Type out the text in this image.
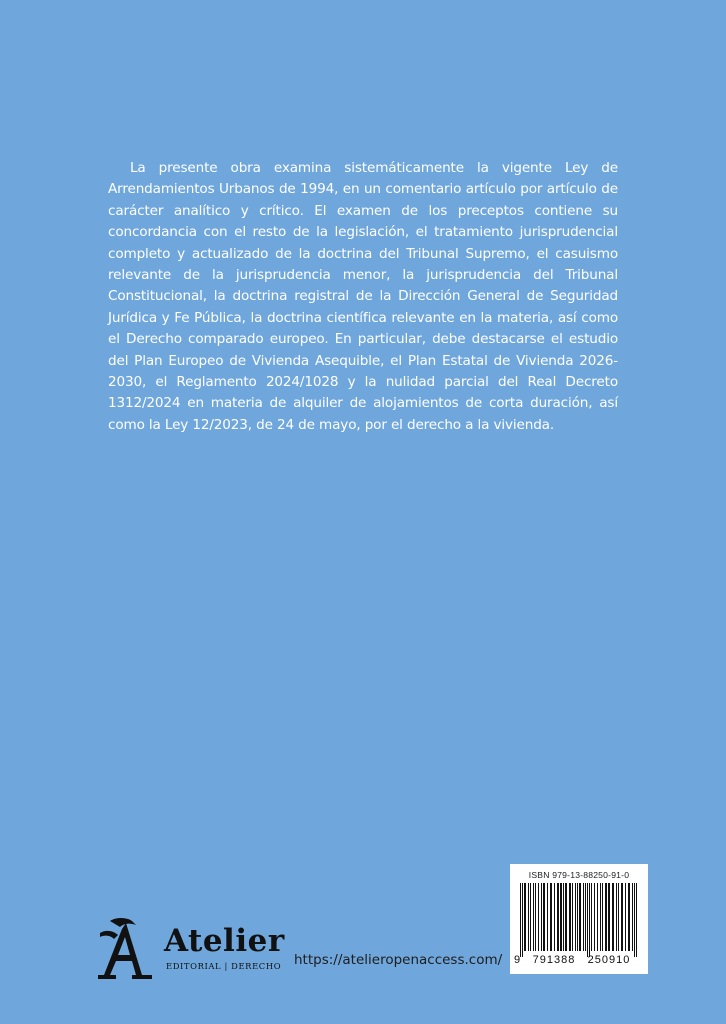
La presente obra examina sistemáticamente la vigente Ley de Arrendamientos Urbanos de 1994, en un comentario artículo por artículo de carácter analítico y crítico. El examen de los preceptos contiene su concordancia con el resto de la legislación, el tratamiento jurisprudencial completo y actualizado de la doctrina del Tribunal Supremo, el casuismo relevante de la jurisprudencia menor, la jurisprudencia del Tribunal Constitucional, la doctrina registral de la Dirección General de Seguridad Jurídica y Fe Pública, la doctrina científica relevante en la materia, así como el Derecho comparado europeo. En particular, debe destacarse el estudio del Plan Europeo de Vivienda Asequible, el Plan Estatal de Vivienda 2026-2030, el Reglamento 2024/1028 y la nulidad parcial del Real Decreto 1312/2024 en materia de alquiler de alojamientos de corta duración, así como la Ley 12/2023, de 24 de mayo, por el derecho a la vivienda.

ISBN 979-13-88250-91-0
9	791388	250910
Atelier
EDITORIAL | DERECHO https://atelieropenaccess.com/
